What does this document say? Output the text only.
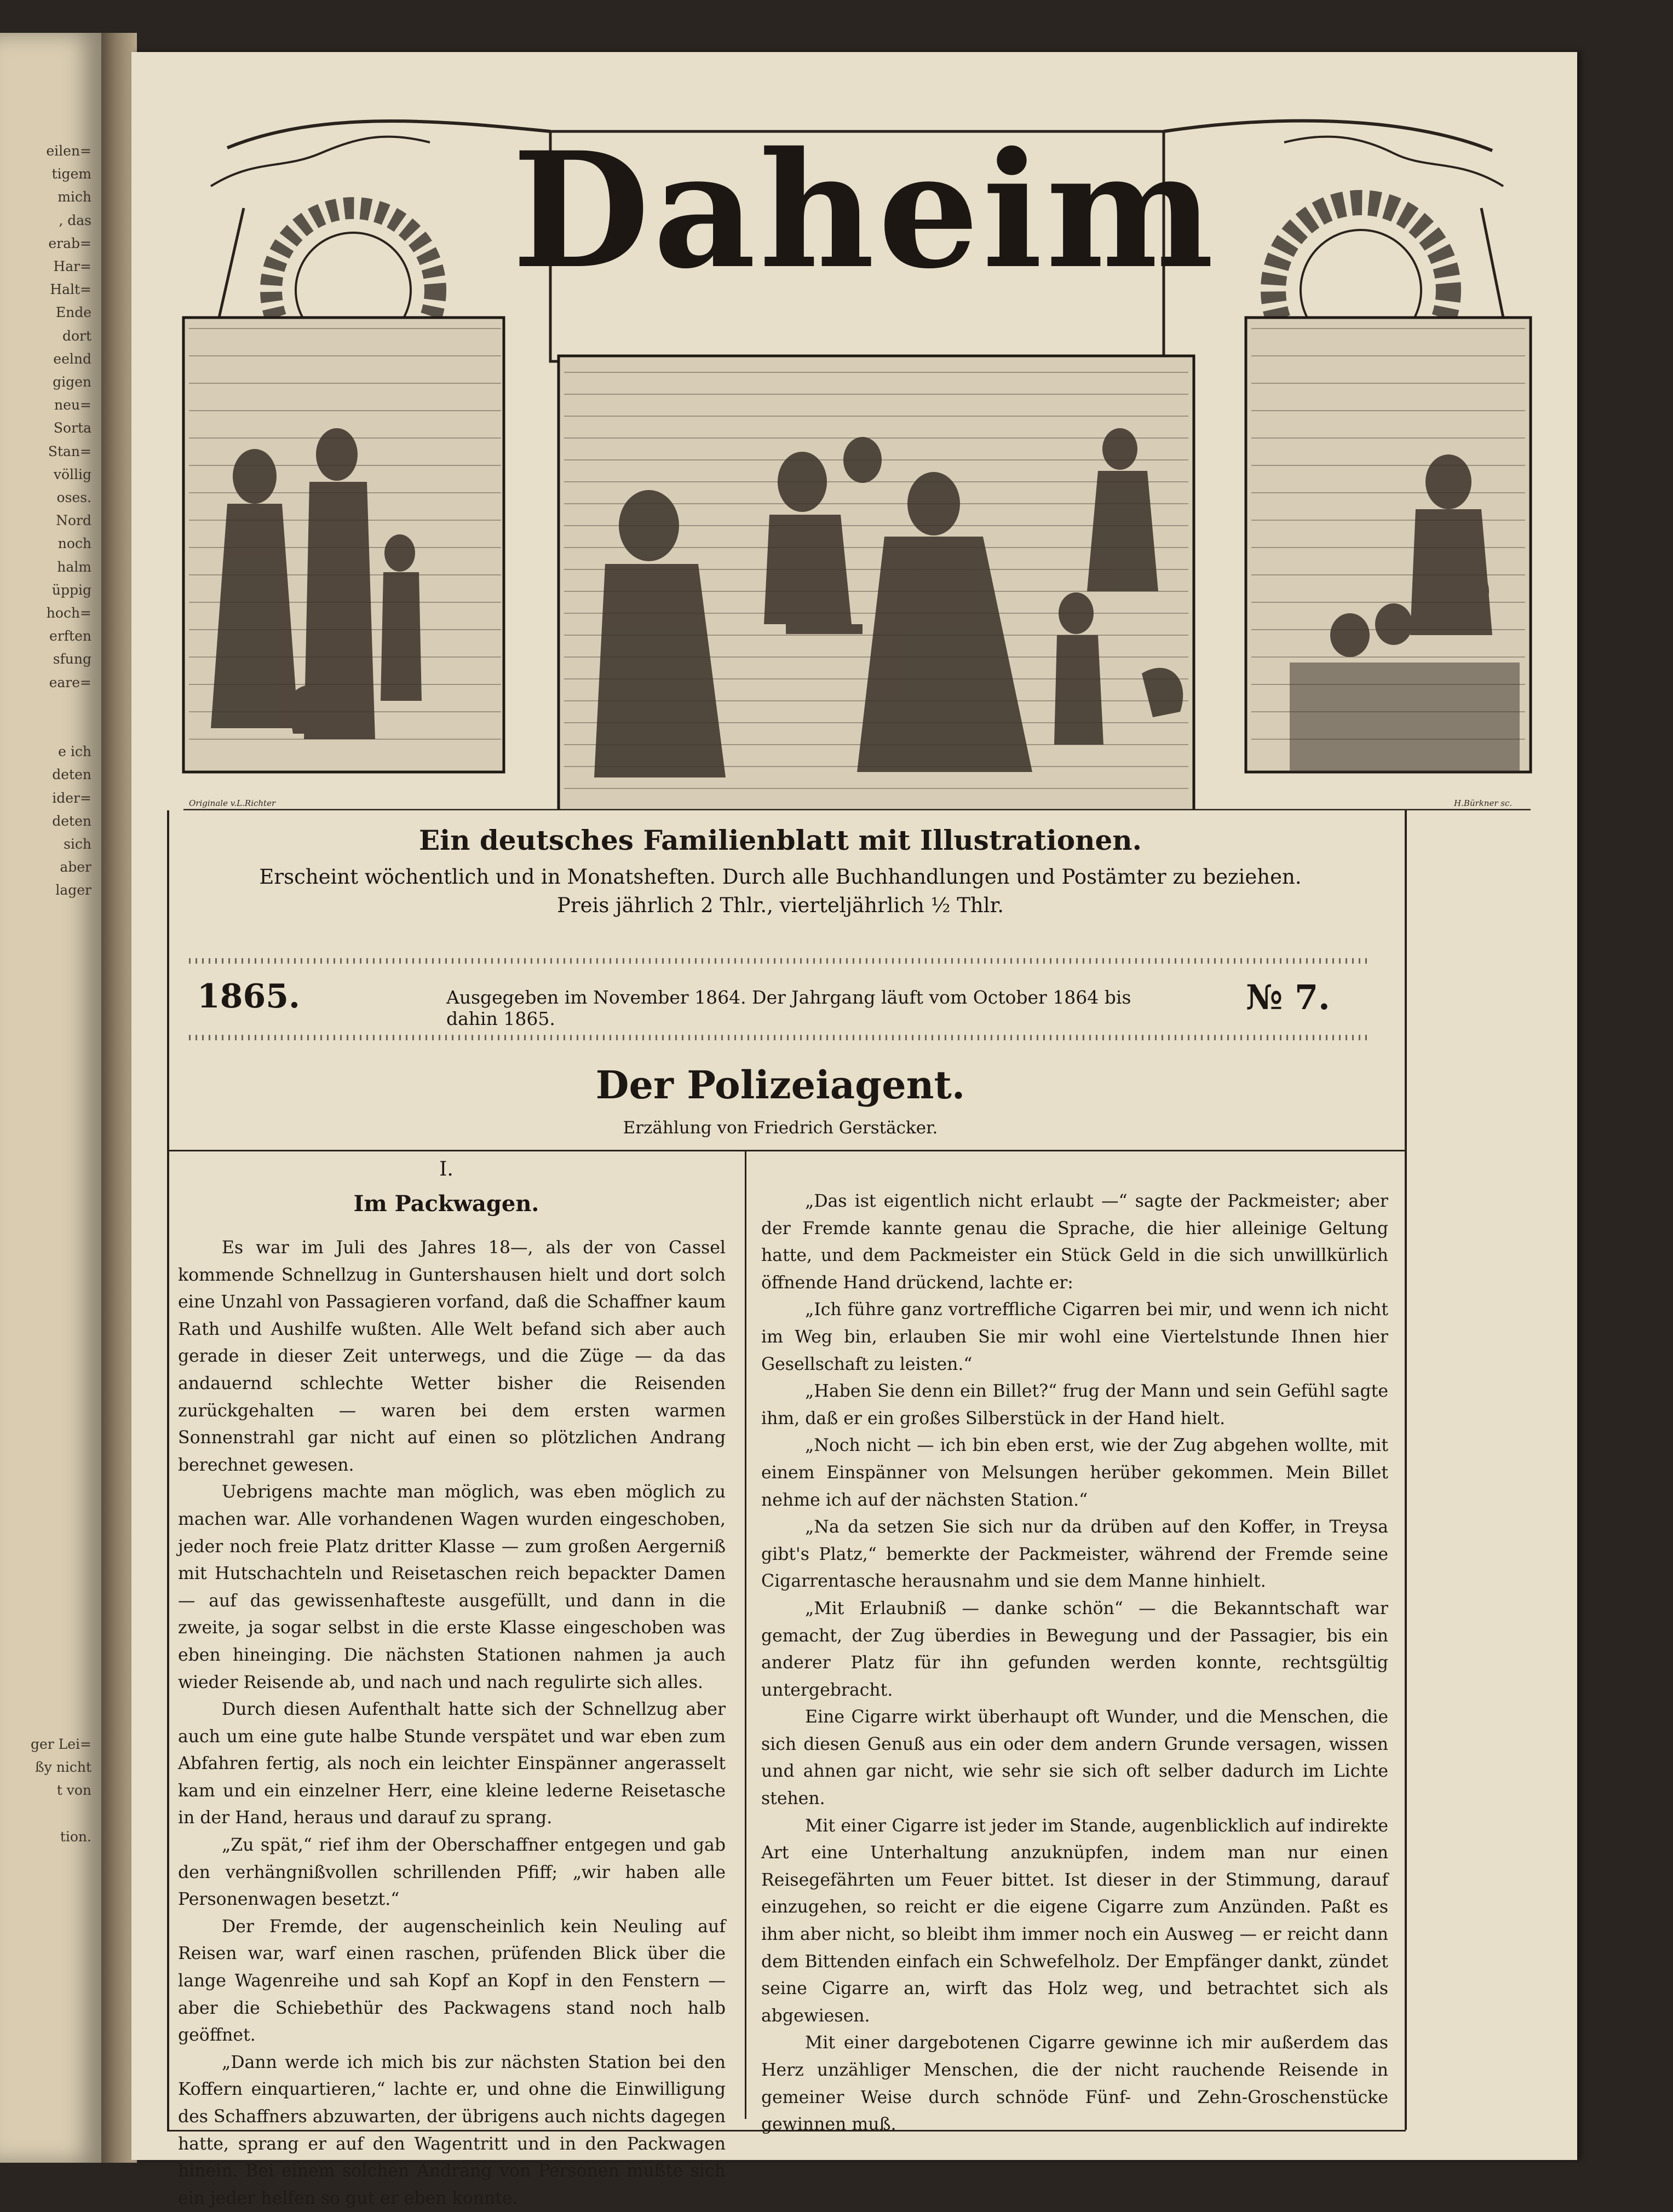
eilen=
tigem
mich
, das
erab=
Har=
Halt=
Ende
dort
eelnd
gigen
neu=
Sorta
Stan=
völlig
oses.
Nord
noch
halm
üppig
hoch=
erften
sfung
eare=
e ich
deten
ider=
deten
sich
aber
lager
ger Lei=
ßy nicht
t von
tion.
Daheim
Originale v.L.Richter	H.Bürkner sc.
Ein deutsches Familienblatt mit Illustrationen.
Erscheint wöchentlich und in Monatsheften. Durch alle Buchhandlungen und Postämter zu beziehen.
Preis jährlich 2 Thlr., vierteljährlich ½ Thlr.
1865.	Ausgegeben im November 1864. Der Jahrgang läuft vom October 1864 bis dahin 1865.
№ 7.
Der Polizeiagent.
Erzählung von Friedrich Gerstäcker.
I.
Im Packwagen.

Es war im Juli des Jahres 18—, als der von Cassel kommende Schnellzug in Guntershausen hielt und dort solch eine Unzahl von Passagieren vorfand, daß die Schaffner kaum Rath und Aushilfe wußten. Alle Welt befand sich aber auch gerade in dieser Zeit unterwegs, und die Züge — da das andauernd schlechte Wetter bisher die Reisenden zurückgehalten — waren bei dem ersten warmen Sonnenstrahl gar nicht auf einen so plötzlichen Andrang berechnet gewesen.

Uebrigens machte man möglich, was eben möglich zu machen war. Alle vorhandenen Wagen wurden eingeschoben, jeder noch freie Platz dritter Klasse — zum großen Aergerniß mit Hutschachteln und Reisetaschen reich bepackter Damen — auf das gewissenhafteste ausgefüllt, und dann in die zweite, ja sogar selbst in die erste Klasse eingeschoben was eben hineinging. Die nächsten Stationen nahmen ja auch wieder Reisende ab, und nach und nach regulirte sich alles.

Durch diesen Aufenthalt hatte sich der Schnellzug aber auch um eine gute halbe Stunde verspätet und war eben zum Abfahren fertig, als noch ein leichter Einspänner angerasselt kam und ein einzelner Herr, eine kleine lederne Reisetasche in der Hand, heraus und darauf zu sprang.

„Zu spät,“ rief ihm der Oberschaffner entgegen und gab den verhängnißvollen schrillenden Pfiff; „wir haben alle Personenwagen besetzt.“

Der Fremde, der augenscheinlich kein Neuling auf Reisen war, warf einen raschen, prüfenden Blick über die lange Wagenreihe und sah Kopf an Kopf in den Fenstern — aber die Schiebethür des Packwagens stand noch halb geöffnet.

„Dann werde ich mich bis zur nächsten Station bei den Koffern einquartieren,“ lachte er, und ohne die Einwilligung des Schaffners abzuwarten, der übrigens auch nichts dagegen hatte, sprang er auf den Wagentritt und in den Packwagen hinein. Bei einem solchen Andrang von Personen mußte sich ein jeder helfen so gut er eben konnte.

„Das ist eigentlich nicht erlaubt —“ sagte der Packmeister; aber der Fremde kannte genau die Sprache, die hier alleinige Geltung hatte, und dem Packmeister ein Stück Geld in die sich unwillkürlich öffnende Hand drückend, lachte er:

„Ich führe ganz vortreffliche Cigarren bei mir, und wenn ich nicht im Weg bin, erlauben Sie mir wohl eine Viertelstunde Ihnen hier Gesellschaft zu leisten.“

„Haben Sie denn ein Billet?“ frug der Mann und sein Gefühl sagte ihm, daß er ein großes Silberstück in der Hand hielt.

„Noch nicht — ich bin eben erst, wie der Zug abgehen wollte, mit einem Einspänner von Melsungen herüber gekommen. Mein Billet nehme ich auf der nächsten Station.“

„Na da setzen Sie sich nur da drüben auf den Koffer, in Treysa gibt's Platz,“ bemerkte der Packmeister, während der Fremde seine Cigarrentasche herausnahm und sie dem Manne hinhielt.

„Mit Erlaubniß — danke schön“ — die Bekanntschaft war gemacht, der Zug überdies in Bewegung und der Passagier, bis ein anderer Platz für ihn gefunden werden konnte, rechtsgültig untergebracht.

Eine Cigarre wirkt überhaupt oft Wunder, und die Menschen, die sich diesen Genuß aus ein oder dem andern Grunde versagen, wissen und ahnen gar nicht, wie sehr sie sich oft selber dadurch im Lichte stehen.

Mit einer Cigarre ist jeder im Stande, augenblicklich auf indirekte Art eine Unterhaltung anzuknüpfen, indem man nur einen Reisegefährten um Feuer bittet. Ist dieser in der Stimmung, darauf einzugehen, so reicht er die eigene Cigarre zum Anzünden. Paßt es ihm aber nicht, so bleibt ihm immer noch ein Ausweg — er reicht dann dem Bittenden einfach ein Schwefelholz. Der Empfänger dankt, zündet seine Cigarre an, wirft das Holz weg, und betrachtet sich als abgewiesen.

Mit einer dargebotenen Cigarre gewinne ich mir außerdem das Herz unzähliger Menschen, die der nicht rauchende Reisende in gemeiner Weise durch schnöde Fünf- und Zehn-Groschenstücke gewinnen muß.
